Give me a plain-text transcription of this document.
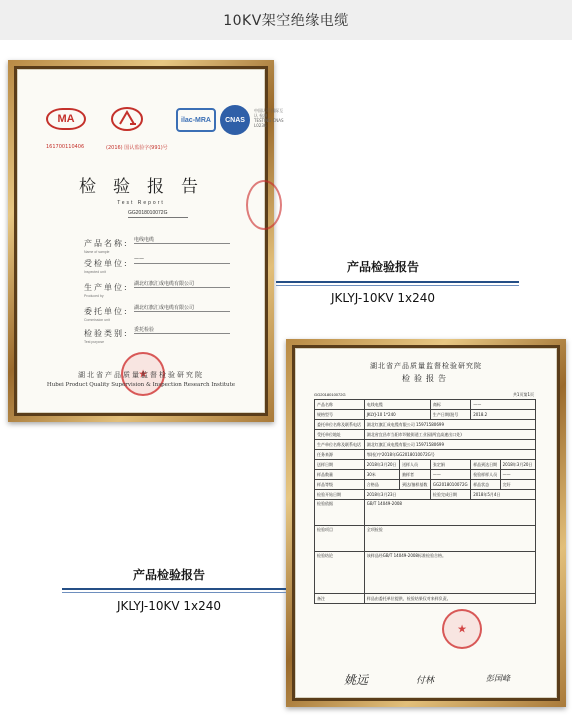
10KV架空绝缘电缆
MA	ilac-MRA	CNAS
中国认可 国际互认 检测 TESTING CNAS L0236
161700110406	(2016) 国认监验字(991)号
检验报告
Test Report
GG2018010072G
产品名称:
Name of sample
电线电缆
受检单位:
Inspected unit
——
生产单位:
Produced by
湖北红旗汇成电缆有限公司
委托单位:
Commission unit
湖北红旗汇成电缆有限公司
检验类别:
Test purpose
委托检验
★
湖北省产品质量监督检验研究院
Hubei Product Quality Supervision & Inspection Research Institute
产品检验报告
JKLYJ-10KV 1x240
湖北省产品质量监督检验研究院
检验报告
GG2018010072G	共1页第1页
产品名称	电线电缆		商标	——	
规格型号	JKLYJ-10 1*240		生产日期/批号	2018.2	
委托单位名称及联系电话	湖北红旗汇成电缆有限公司 15971580699				
受托单位地址	湖北省宜昌市当阳市坝陵街道工业园(两宜高速出口处)				
生产单位名称及联系电话	湖北红旗汇成电缆有限公司 15971580699				
任务来源	鄂(检)字2018年GG2018010072G号				
送样日期	2018年3月20日	送样人员	张定娟	样品到达日期	2018年3月20日
样品数量	30米	抽样者	——	检验样样人员	——
样品等级	合格品	到达/抽样基数	GG2018010072G	样品状态	完好
检验开始日期	2018年3月23日		检验完成日期	2018年5月4日	
检验依据	GB/T 14049-2008				
检验项目	全项检验				
检验结论	该样品经GB/T 14049-2008标准检验合格。				
备注	样品由委托单位提供，检验结果仅对来样负责。				
★
姚远	付林	彭国峰
产品检验报告
JKLYJ-10KV 1x240
